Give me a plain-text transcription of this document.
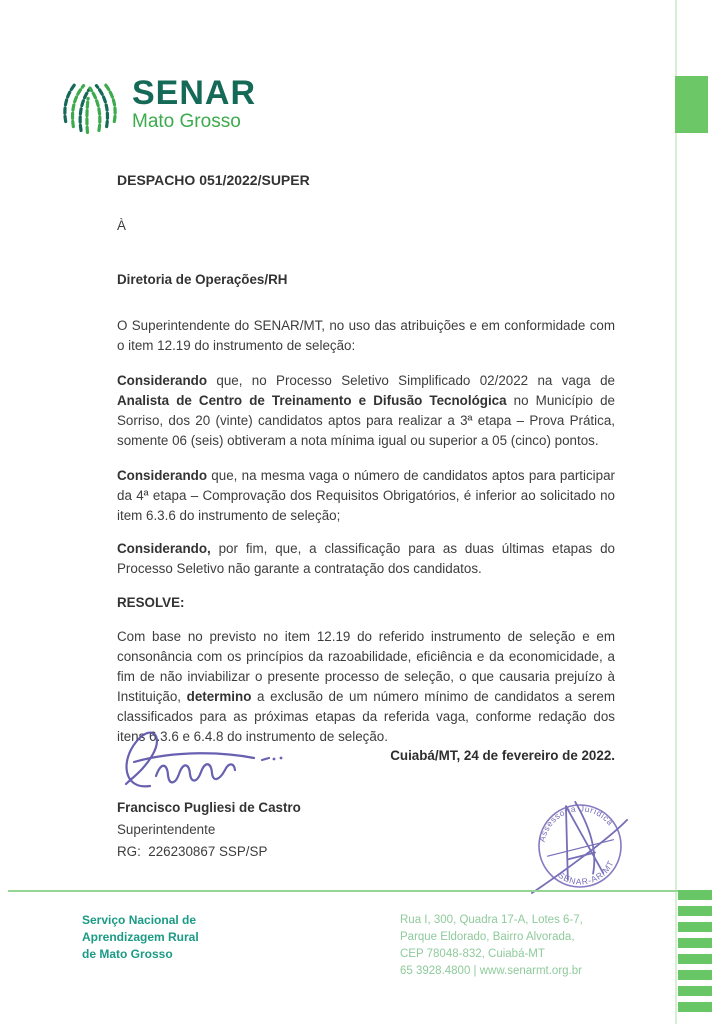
SENAR
Mato Grosso
DESPACHO 051/2022/SUPER

À

Diretoria de Operações/RH

O Superintendente do SENAR/MT, no uso das atribuições e em conformidade com o item 12.19 do instrumento de seleção:

Considerando que, no Processo Seletivo Simplificado 02/2022 na vaga de Analista de Centro de Treinamento e Difusão Tecnológica no Município de Sorriso, dos 20 (vinte) candidatos aptos para realizar a 3ª etapa – Prova Prática, somente 06 (seis) obtiveram a nota mínima igual ou superior a 05 (cinco) pontos.

Considerando que, na mesma vaga o número de candidatos aptos para participar da 4ª etapa – Comprovação dos Requisitos Obrigatórios, é inferior ao solicitado no item 6.3.6 do instrumento de seleção;

Considerando, por fim, que, a classificação para as duas últimas etapas do Processo Seletivo não garante a contratação dos candidatos.

RESOLVE:

Com base no previsto no item 12.19 do referido instrumento de seleção e em consonância com os princípios da razoabilidade, eficiência e da economicidade, a fim de não inviabilizar o presente processo de seleção, o que causaria prejuízo à Instituição, determino a exclusão de um número mínimo de candidatos a serem classificados para as próximas etapas da referida vaga, conforme redação dos itens 6.3.6 e 6.4.8 do instrumento de seleção.

Cuiabá/MT, 24 de fevereiro de 2022.
Francisco Pugliesi de Castro
Superintendente
RG:  226230867 SSP/SP
Assessoria Jurídica
SENAR-AR/MT
Serviço Nacional de
Aprendizagem Rural
de Mato Grosso
Rua I, 300, Quadra 17-A, Lotes 6-7,
Parque Eldorado, Bairro Alvorada,
CEP 78048-832, Cuiabá-MT
65 3928.4800 | www.senarmt.org.br
